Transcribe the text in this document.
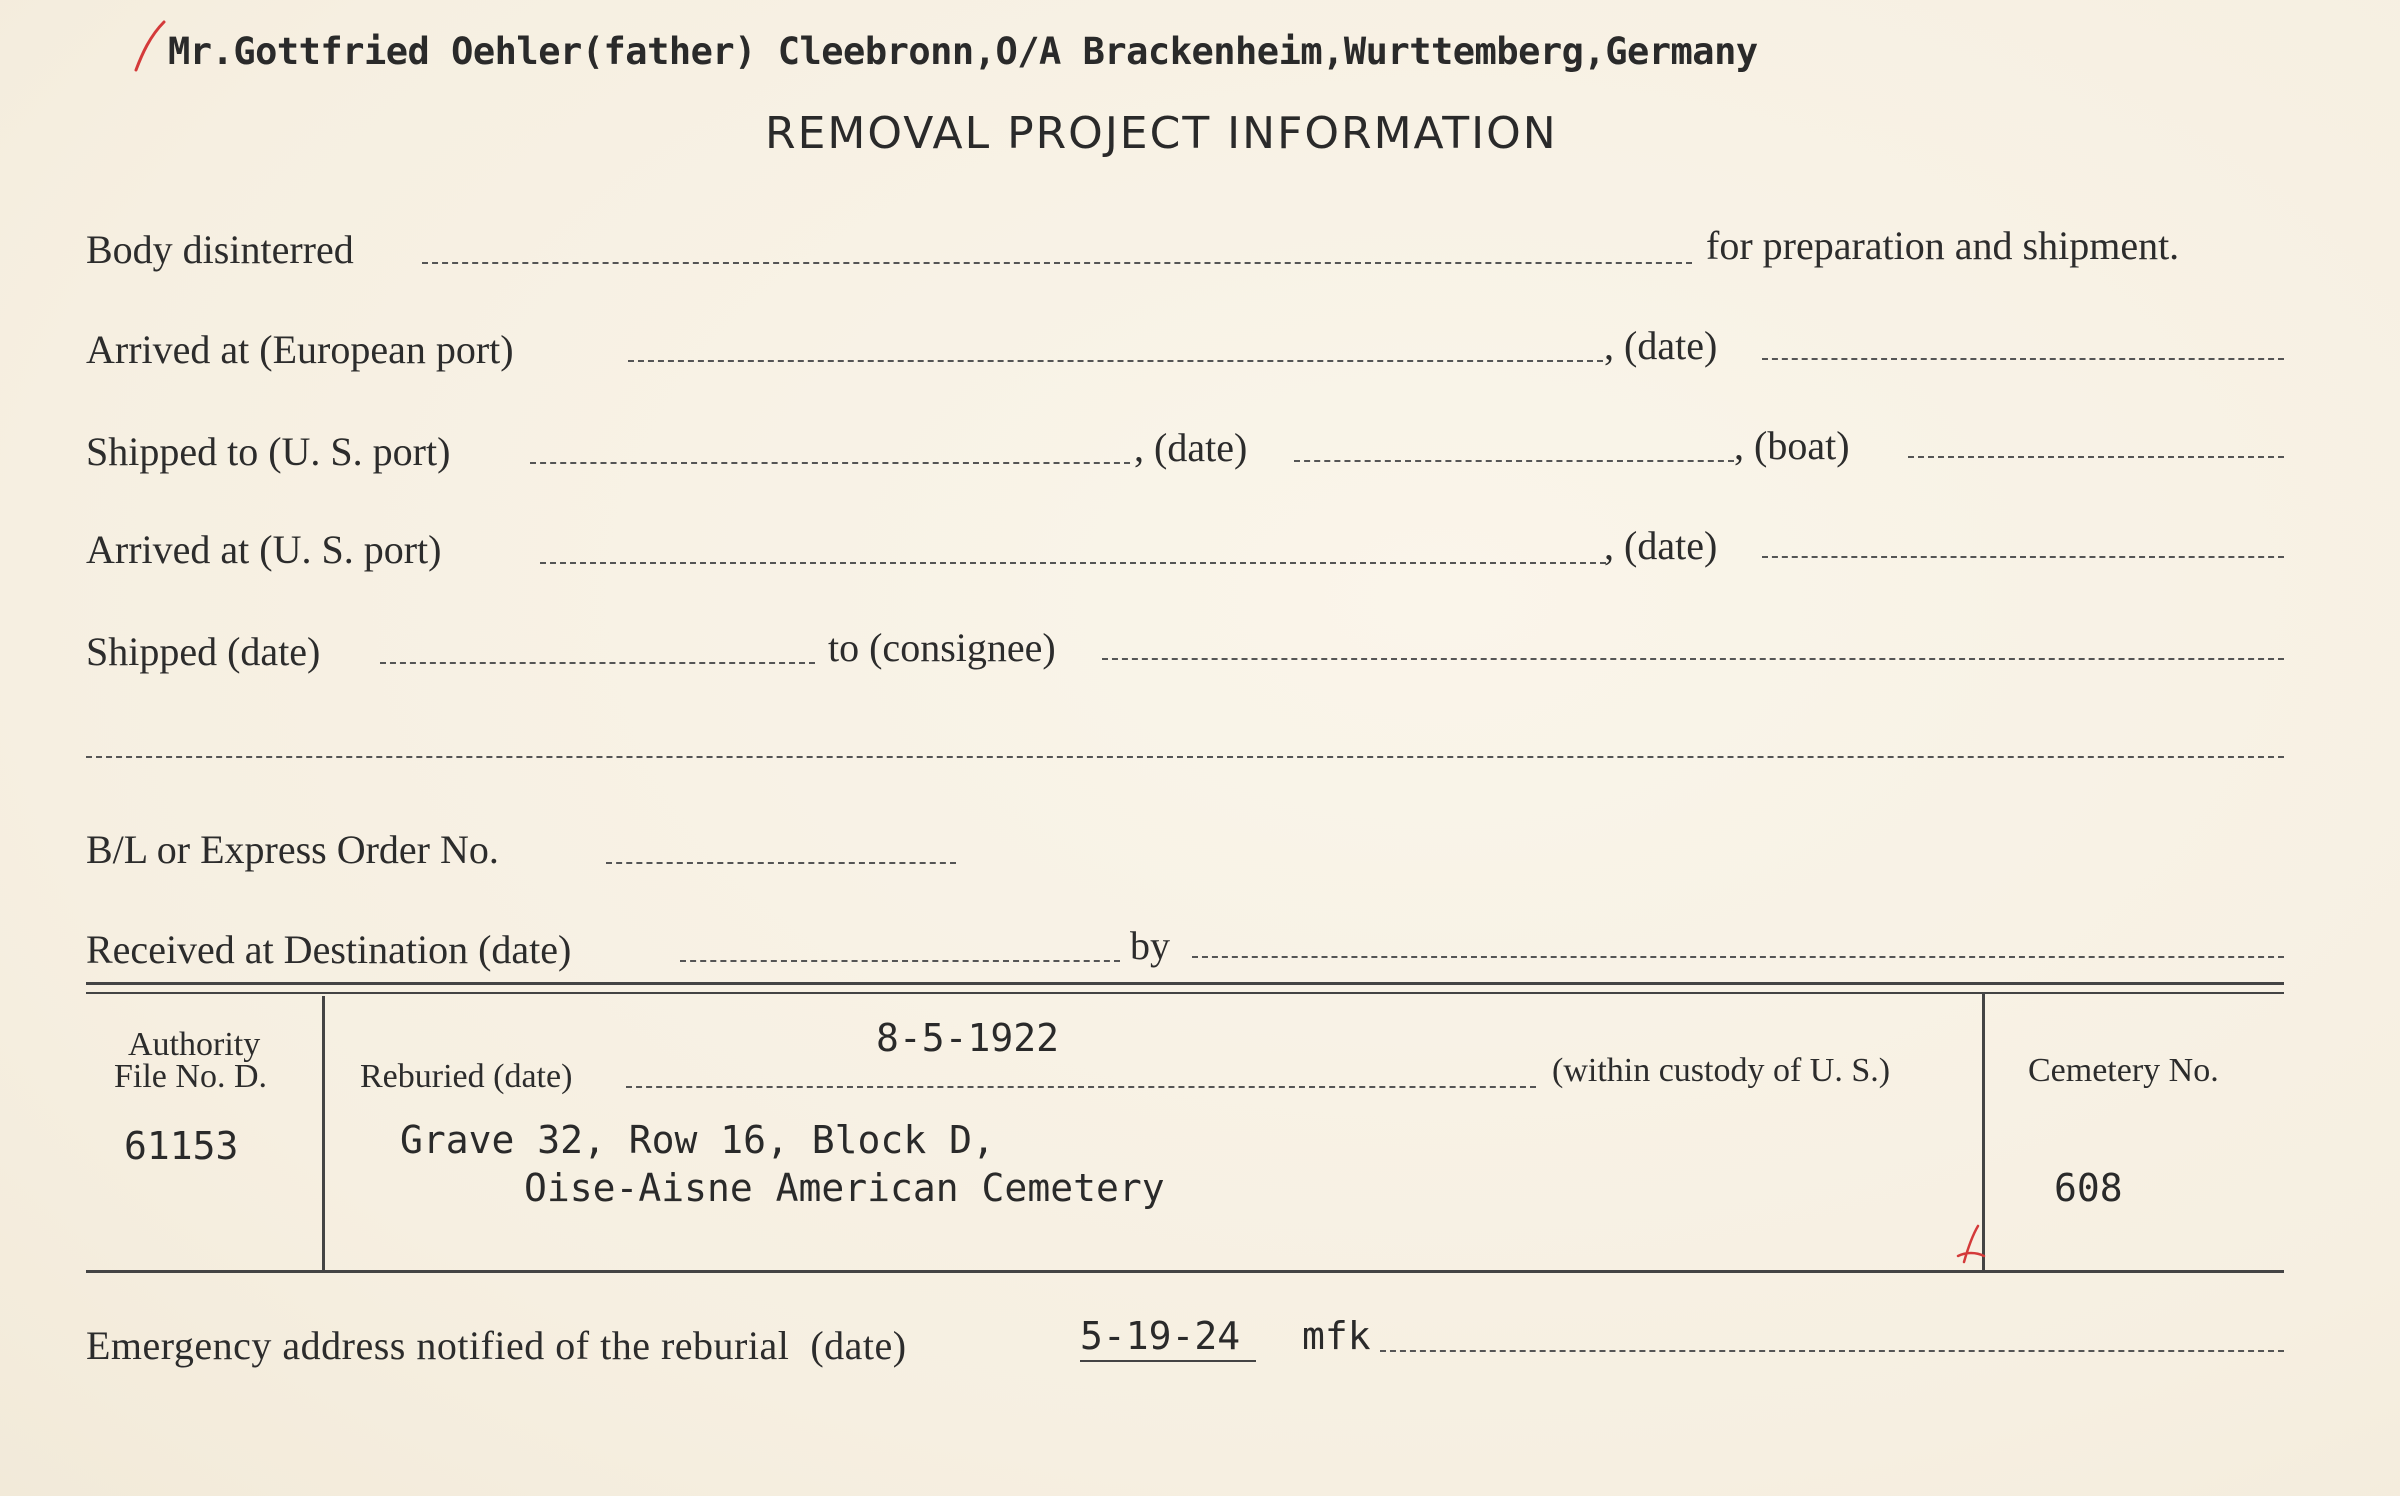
Mr.Gottfried Oehler(father) Cleebronn,O/A Brackenheim,Wurttemberg,Germany
REMOVAL PROJECT INFORMATION
Body disinterred	for preparation and shipment.
Arrived at (European port)	, (date)
Shipped to (U. S. port)	, (date)	, (boat)
Arrived at (U. S. port)	, (date)
Shipped (date)	to (consignee)
B/L or Express Order No.
Received at Destination (date)	by
Authority
File No. D.
61153
8-5-1922
Reburied (date)	(within custody of U. S.)
Grave 32, Row 16, Block D,
Oise-Aisne American Cemetery
Cemetery No.
608
Emergency address notified of the reburial  (date)	5-19-24 mfk
